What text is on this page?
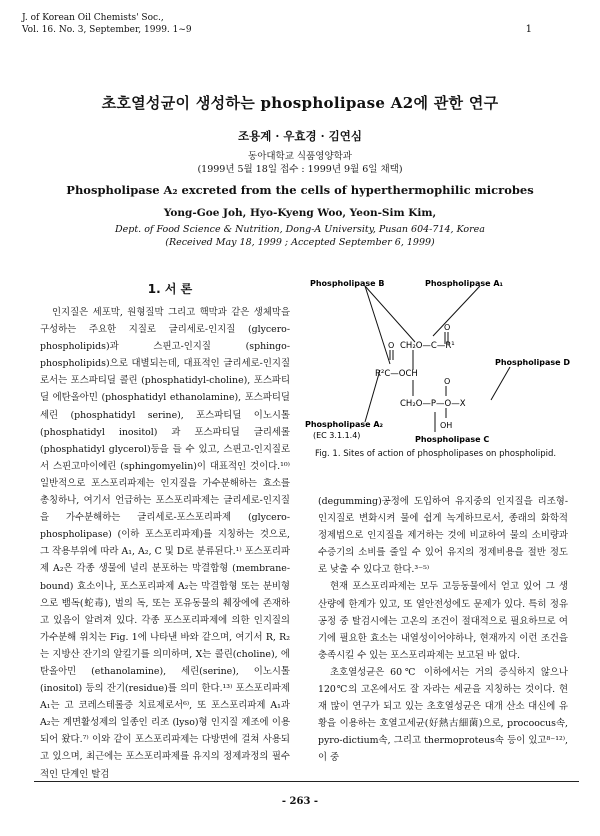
J. of Korean Oil Chemists' Soc.,
Vol. 16. No. 3, September, 1999. 1~9	1
초호열성균이 생성하는 phospholipase A2에 관한 연구
조용계 · 우효경 · 김연심
동아대학교 식품영양학과
(1999년 5월 18일 접수 : 1999년 9월 6일 채택)
Phospholipase A₂ excreted from the cells of hyperthermophilic microbes
Yong-Goe Joh, Hyo-Kyeng Woo, Yeon-Sim Kim,
Dept. of Food Science & Nutrition, Dong-A University, Pusan 604-714, Korea
(Received May 18, 1999 ; Accepted September 6, 1999)
1. 서 론

인지질은 세포막, 원형질막 그리고 핵막과 같은 생체막을 구성하는 주요한 지질로 글리세로-인지질 (glycero-phospholipids)과 스핀고-인지질 (sphingo-phospholipids)으로 대별되는데, 대표적인 글리세로-인지질로서는 포스파티딜 콜린 (phosphatidyl-choline), 포스파티딜 에탄올아민 (phosphatidyl ethanolamine), 포스파티딜 세린 (phosphatidyl serine), 포스파티딜 이노시톨 (phosphatidyl inositol) 과 포스파티딜 글리세롤 (phosphatidyl glycerol)등을 들 수 있고, 스핀고-인지질로서 스핀고마이에린 (sphingomyelin)이 대표적인 것이다.¹⁰⁾ 일반적으로 포스포리파제는 인지질을 가수분해하는 효소를 총칭하나, 여기서 언급하는 포스포리파제는 글리세로-인지질을 가수분해하는 글리세로-포스포리파제 (glycero-phospholipase) (이하 포스포리파제)를 지칭하는 것으로, 그 작용부위에 따라 A₁, A₂, C 및 D로 분류된다.¹⁾ 포스포리파제 A₂은 각종 생물에 널리 분포하는 막결합형 (membrane-bound) 효소이나, 포스포리파제 A₂는 막결합형 또는 분비형으로 뱀독(蛇毒), 벌의 독, 또는 포유동물의 췌장에에 존재하고 있음이 알려져 있다. 각종 포스포리파제에 의한 인지질의 가수분해 위치는 Fig. 1에 나타낸 바와 같으며, 여기서 R, R₂는 지방산 잔기의 알킬기를 의미하며, X는 콜린(choline), 에탄올아민 (ethanolamine), 세린(serine), 이노시톨(inositol) 등의 잔기(residue)를 의미 한다.¹³⁾ 포스포리파제 A₁는 고 코레스테롤증 치료제로서⁶⁾, 또 포스포리파제 A₁과 A₂는 계면활성제의 일종인 리조 (lyso)형 인지질 제조에 이용되어 왔다.⁷⁾ 이와 같이 포스포리파제는 다방면에 걸쳐 사용되고 있으며, 최근에는 포스포리파제를 유지의 정제과정의 필수적인 단계인 탈검

Phospholipase B	Phospholipase A₁
Phospholipase D
Phospholipase A₂
(EC 3.1.1.4)	Phospholipase C
O
O CH₂O—C—R¹
R²C—OCH
CH₂O—P—O—X
O
OH
Fig. 1. Sites of action of phospholipases on phospholipid.

(degumming)공정에 도입하여 유지중의 인지질을 리조형-인지질로 변화시켜 물에 쉽게 녹게하므로서, 종래의 화학적 정제법으로 인지질을 제거하는 것에 비교하여 물의 소비량과 수증기의 소비를 줄일 수 있어 유지의 정제비용을 절반 정도로 낮출 수 있다고 한다.³⁻⁵⁾

현재 포스포리파제는 모두 고등동물에서 얻고 있어 그 생산량에 한계가 있고, 또 열안전성에도 문제가 있다. 특히 정유공정 중 탈검시에는 고온의 조건이 절대적으로 필요하므로 여기에 필요한 효소는 내열성이어야하나, 현재까지 이런 조건을 충족시킬 수 있는 포스포리파제는 보고된 바 없다.

초호열성균은 60℃ 이하에서는 거의 증식하지 않으나 120℃의 고온에서도 잘 자라는 세균을 지칭하는 것이다. 현재 많이 연구가 되고 있는 초호열성균은 대개 산소 대신에 유황을 이용하는 호열고세균(好熱古細菌)으로, procoocus속, pyro-dictium속, 그리고 thermoproteus속 등이 있고⁸⁻¹²⁾, 이 중

- 263 -
